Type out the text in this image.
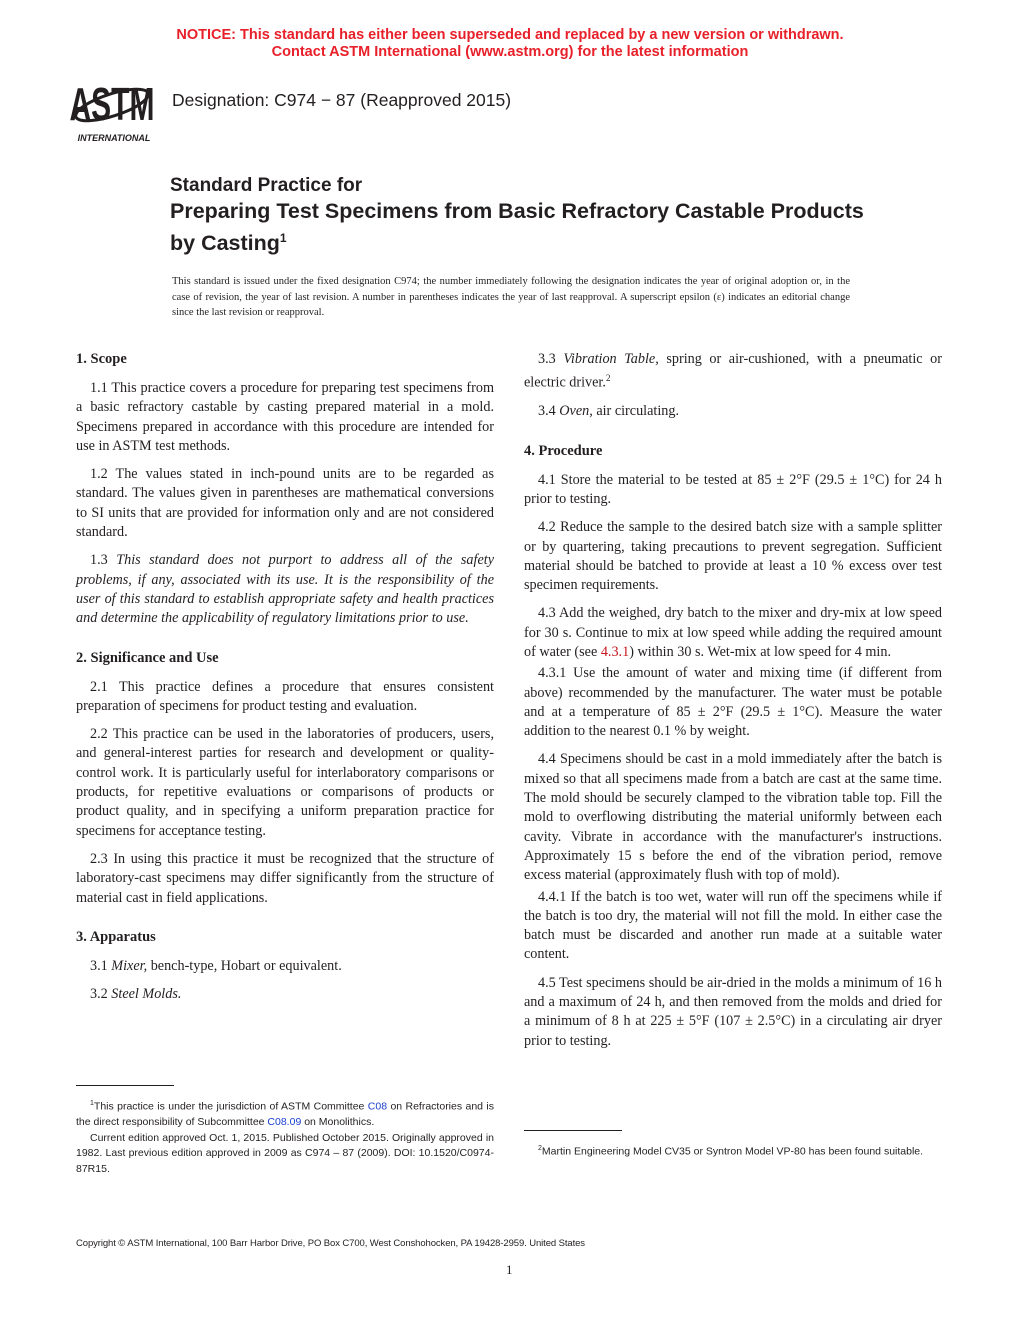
NOTICE: This standard has either been superseded and replaced by a new version or withdrawn.
Contact ASTM International (www.astm.org) for the latest information
ASTM
INTERNATIONAL
Designation: C974 − 87 (Reapproved 2015)
Standard Practice for
Preparing Test Specimens from Basic Refractory Castable Products by Casting$^1$
This standard is issued under the fixed designation C974; the number immediately following the designation indicates the year of original adoption or, in the case of revision, the year of last revision. A number in parentheses indicates the year of last reapproval. A superscript epsilon (ε) indicates an editorial change since the last revision or reapproval.
1. Scope

1.1 This practice covers a procedure for preparing test specimens from a basic refractory castable by casting prepared material in a mold. Specimens prepared in accordance with this procedure are intended for use in ASTM test methods.

1.2 The values stated in inch-pound units are to be regarded as standard. The values given in parentheses are mathematical conversions to SI units that are provided for information only and are not considered standard.

1.3 This standard does not purport to address all of the safety problems, if any, associated with its use. It is the responsibility of the user of this standard to establish appropriate safety and health practices and determine the applicability of regulatory limitations prior to use.

2. Significance and Use

2.1 This practice defines a procedure that ensures consistent preparation of specimens for product testing and evaluation.

2.2 This practice can be used in the laboratories of producers, users, and general-interest parties for research and development or quality-control work. It is particularly useful for interlaboratory comparisons or products, for repetitive evaluations or comparisons of products or product quality, and in specifying a uniform preparation practice for specimens for acceptance testing.

2.3 In using this practice it must be recognized that the structure of laboratory-cast specimens may differ significantly from the structure of material cast in field applications.

3. Apparatus

3.1 Mixer, bench-type, Hobart or equivalent.

3.2 Steel Molds.

$^1$This practice is under the jurisdiction of ASTM Committee C08 on Refractories and is the direct responsibility of Subcommittee C08.09 on Monolithics.

Current edition approved Oct. 1, 2015. Published October 2015. Originally approved in 1982. Last previous edition approved in 2009 as C974 – 87 (2009). DOI: 10.1520/C0974-87R15.

3.3 Vibration Table, spring or air-cushioned, with a pneumatic or electric driver.$^2$

3.4 Oven, air circulating.

4. Procedure

4.1 Store the material to be tested at 85 ± 2°F (29.5 ± 1°C) for 24 h prior to testing.

4.2 Reduce the sample to the desired batch size with a sample splitter or by quartering, taking precautions to prevent segregation. Sufficient material should be batched to provide at least a 10 % excess over test specimen requirements.

4.3 Add the weighed, dry batch to the mixer and dry-mix at low speed for 30 s. Continue to mix at low speed while adding the required amount of water (see 4.3.1) within 30 s. Wet-mix at low speed for 4 min.

4.3.1 Use the amount of water and mixing time (if different from above) recommended by the manufacturer. The water must be potable and at a temperature of 85 ± 2°F (29.5 ± 1°C). Measure the water addition to the nearest 0.1 % by weight.

4.4 Specimens should be cast in a mold immediately after the batch is mixed so that all specimens made from a batch are cast at the same time. The mold should be securely clamped to the vibration table top. Fill the mold to overflowing distributing the material uniformly between each cavity. Vibrate in accordance with the manufacturer's instructions. Approximately 15 s before the end of the vibration period, remove excess material (approximately flush with top of mold).

4.4.1 If the batch is too wet, water will run off the specimens while if the batch is too dry, the material will not fill the mold. In either case the batch must be discarded and another run made at a suitable water content.

4.5 Test specimens should be air-dried in the molds a minimum of 16 h and a maximum of 24 h, and then removed from the molds and dried for a minimum of 8 h at 225 ± 5°F (107 ± 2.5°C) in a circulating air dryer prior to testing.

$^2$Martin Engineering Model CV35 or Syntron Model VP-80 has been found suitable.

Copyright © ASTM International, 100 Barr Harbor Drive, PO Box C700, West Conshohocken, PA 19428-2959. United States
1
